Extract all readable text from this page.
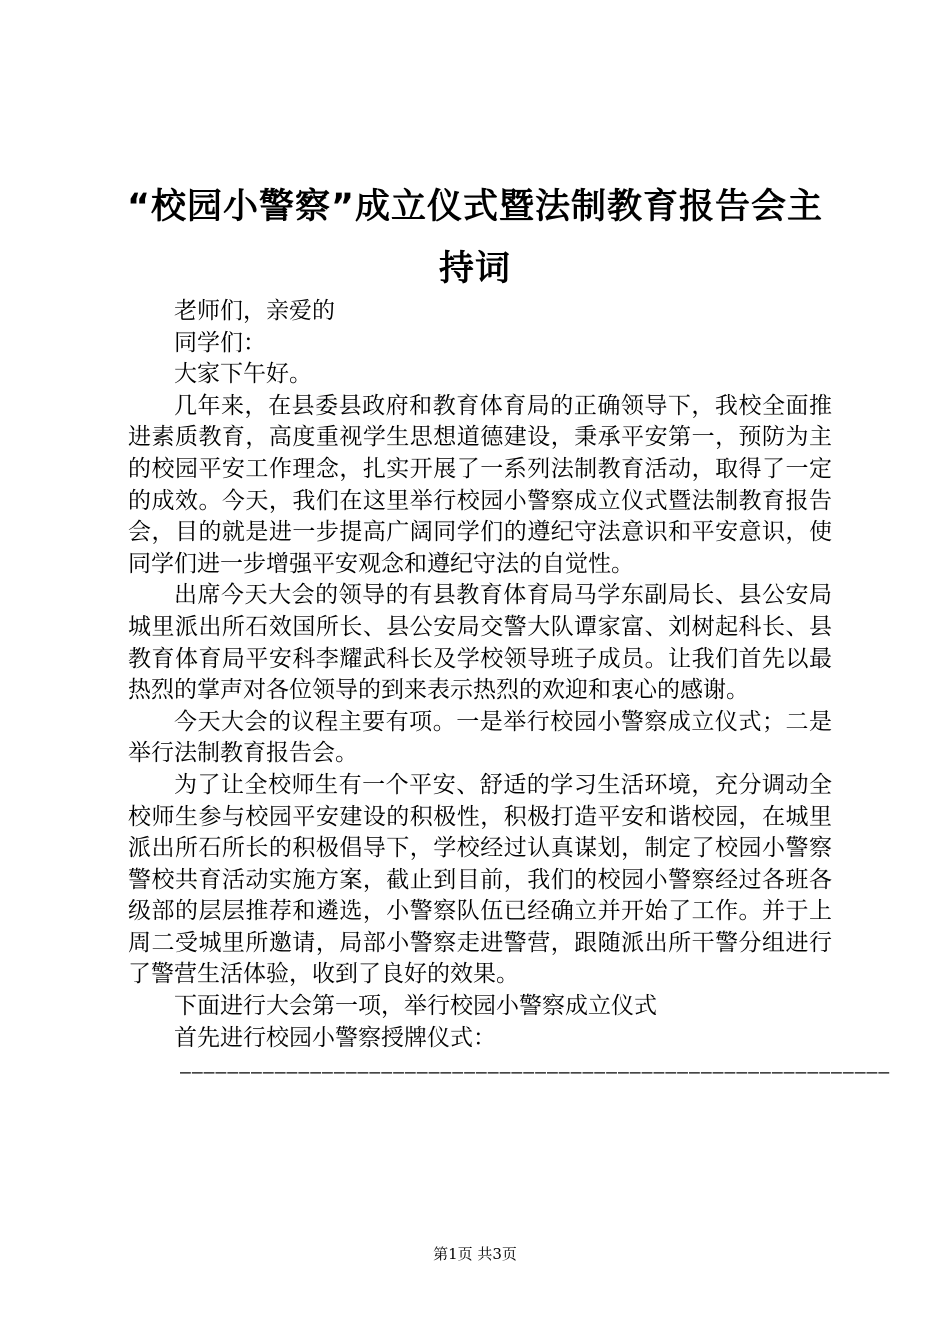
“校园小警察”成立仪式暨法制教育报告会主持词

老师们，亲爱的

同学们：

大家下午好。

几年来，在县委县政府和教育体育局的正确领导下，我校全面推进素质教育，高度重视学生思想道德建设，秉承平安第一，预防为主的校园平安工作理念，扎实开展了一系列法制教育活动，取得了一定的成效。今天，我们在这里举行校园小警察成立仪式暨法制教育报告会，目的就是进一步提高广阔同学们的遵纪守法意识和平安意识，使同学们进一步增强平安观念和遵纪守法的自觉性。

出席今天大会的领导的有县教育体育局马学东副局长、县公安局城里派出所石效国所长、县公安局交警大队谭家富、刘树起科长、县教育体育局平安科李耀武科长及学校领导班子成员。让我们首先以最热烈的掌声对各位领导的到来表示热烈的欢迎和衷心的感谢。

今天大会的议程主要有项。一是举行校园小警察成立仪式；二是举行法制教育报告会。

为了让全校师生有一个平安、舒适的学习生活环境，充分调动全校师生参与校园平安建设的积极性，积极打造平安和谐校园，在城里派出所石所长的积极倡导下，学校经过认真谋划，制定了校园小警察警校共育活动实施方案，截止到目前，我们的校园小警察经过各班各级部的层层推荐和遴选，小警察队伍已经确立并开始了工作。并于上周二受城里所邀请，局部小警察走进警营，跟随派出所干警分组进行了警营生活体验，收到了良好的效果。

下面进行大会第一项，举行校园小警察成立仪式

首先进行校园小警察授牌仪式：

————————————————————————————————————————————————————————————

第1页 共3页
